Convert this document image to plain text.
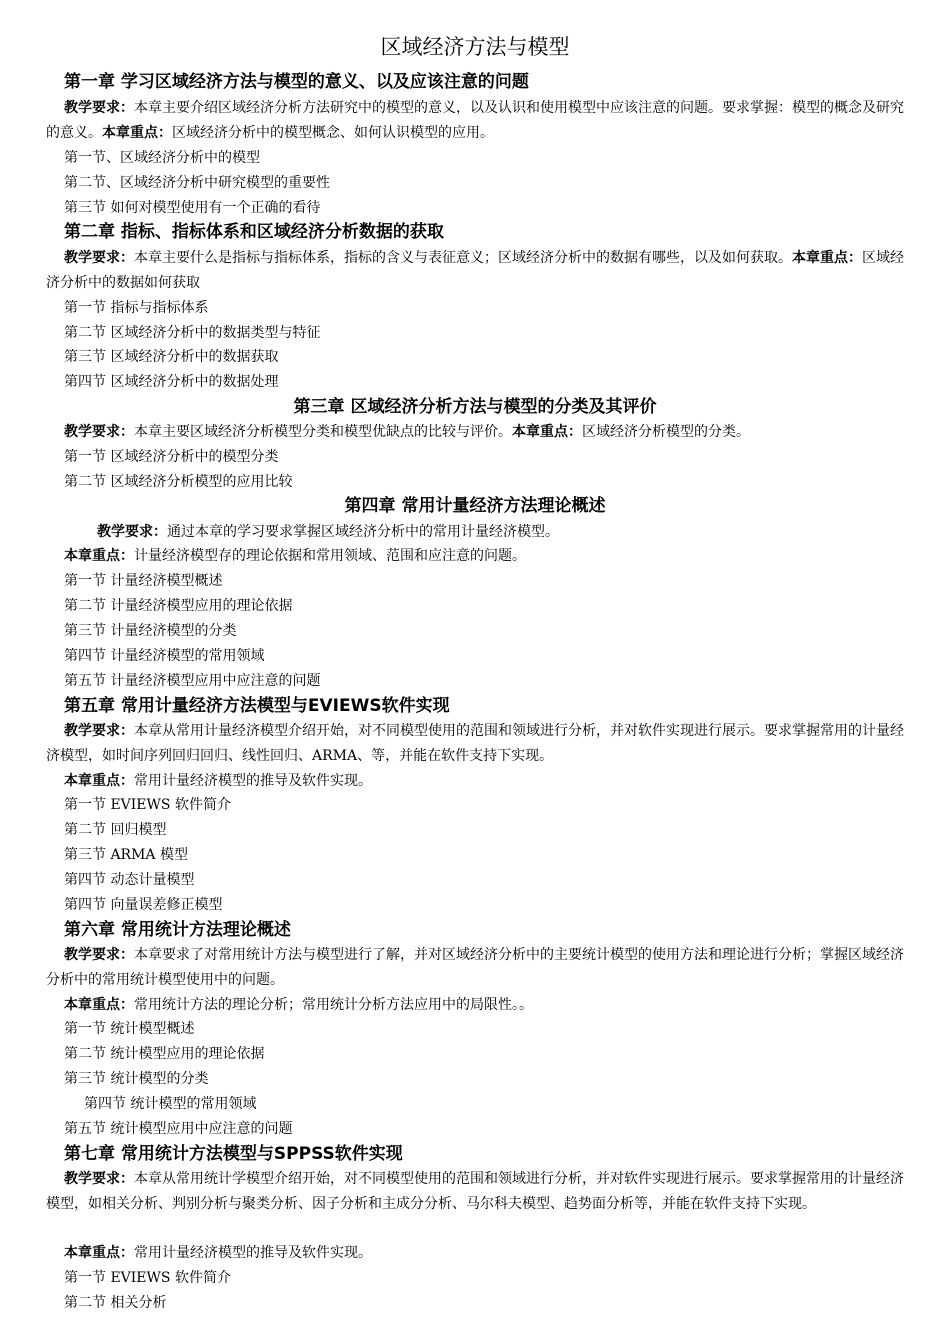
区域经济方法与模型
第一章 学习区域经济方法与模型的意义、以及应该注意的问题
教学要求：本章主要介绍区域经济分析方法研究中的模型的意义，以及认识和使用模型中应该注意的问题。要求掌握：模型的概念及研究的意义。本章重点：区域经济分析中的模型概念、如何认识模型的应用。
第一节、区域经济分析中的模型
第二节、区域经济分析中研究模型的重要性
第三节 如何对模型使用有一个正确的看待
第二章 指标、指标体系和区域经济分析数据的获取
教学要求：本章主要什么是指标与指标体系，指标的含义与表征意义；区域经济分析中的数据有哪些，以及如何获取。本章重点：区域经济分析中的数据如何获取
第一节 指标与指标体系
第二节 区域经济分析中的数据类型与特征
第三节 区域经济分析中的数据获取
第四节 区域经济分析中的数据处理
第三章 区域经济分析方法与模型的分类及其评价
教学要求：本章主要区域经济分析模型分类和模型优缺点的比较与评价。本章重点：区域经济分析模型的分类。
第一节 区域经济分析中的模型分类
第二节 区域经济分析模型的应用比较
第四章 常用计量经济方法理论概述
教学要求：通过本章的学习要求掌握区域经济分析中的常用计量经济模型。
本章重点：计量经济模型存的理论依据和常用领域、范围和应注意的问题。
第一节 计量经济模型概述
第二节 计量经济模型应用的理论依据
第三节 计量经济模型的分类
第四节 计量经济模型的常用领域
第五节 计量经济模型应用中应注意的问题
第五章 常用计量经济方法模型与EVIEWS软件实现
教学要求：本章从常用计量经济模型介绍开始，对不同模型使用的范围和领域进行分析，并对软件实现进行展示。要求掌握常用的计量经济模型，如时间序列回归回归、线性回归、ARMA、等，并能在软件支持下实现。
本章重点：常用计量经济模型的推导及软件实现。
第一节 EVIEWS 软件简介
第二节 回归模型
第三节 ARMA 模型
第四节 动态计量模型
第四节 向量误差修正模型
第六章 常用统计方法理论概述
教学要求：本章要求了对常用统计方法与模型进行了解，并对区域经济分析中的主要统计模型的使用方法和理论进行分析；掌握区域经济分析中的常用统计模型使用中的问题。
本章重点：常用统计方法的理论分析；常用统计分析方法应用中的局限性。。
第一节 统计模型概述
第二节 统计模型应用的理论依据
第三节 统计模型的分类
第四节 统计模型的常用领域
第五节 统计模型应用中应注意的问题
第七章 常用统计方法模型与SPPSS软件实现
教学要求：本章从常用统计学模型介绍开始，对不同模型使用的范围和领域进行分析，并对软件实现进行展示。要求掌握常用的计量经济模型，如相关分析、判别分析与聚类分析、因子分析和主成分分析、马尔科夫模型、趋势面分析等，并能在软件支持下实现。
本章重点：常用计量经济模型的推导及软件实现。
第一节 EVIEWS 软件简介
第二节 相关分析
